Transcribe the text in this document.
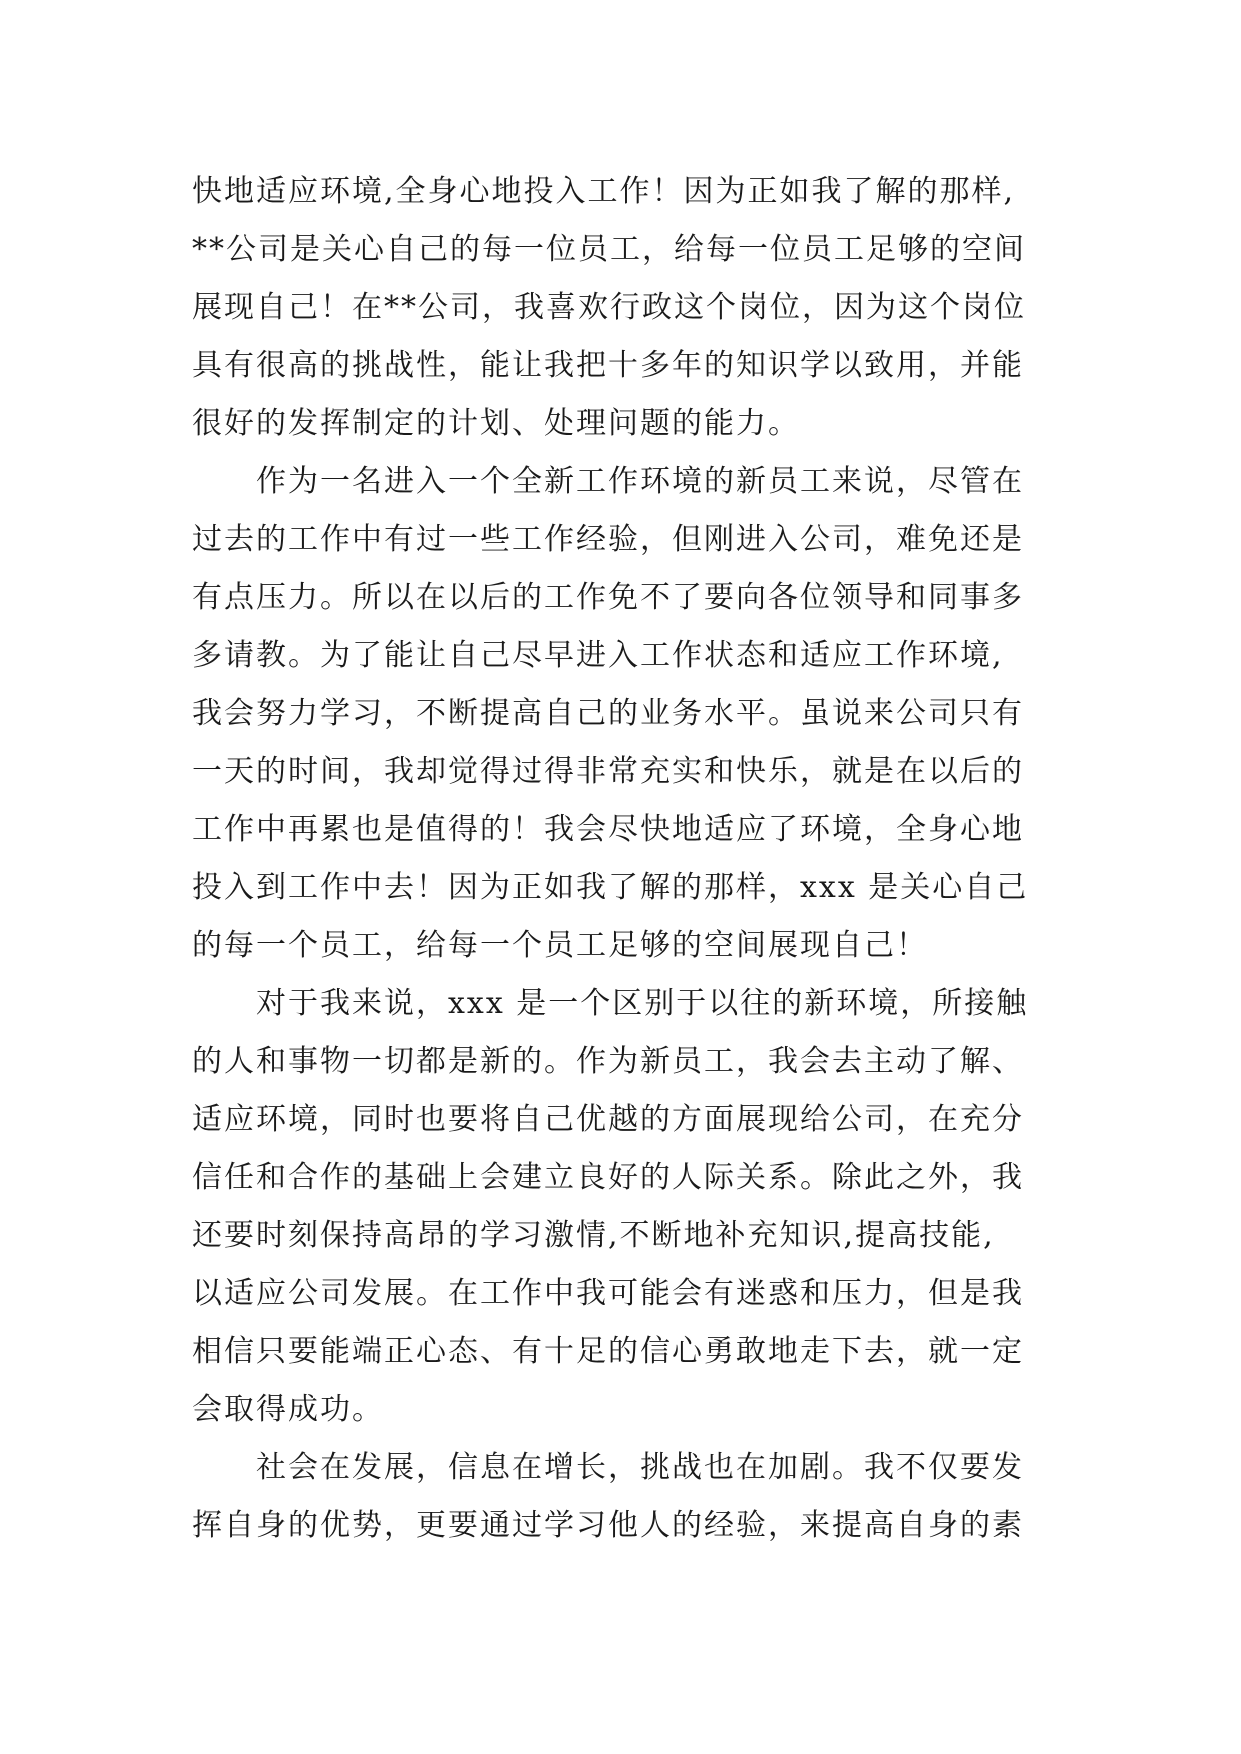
快地适应环境,全身心地投入工作！因为正如我了解的那样,
**公司是关心自己的每一位员工，给每一位员工足够的空间
展现自己！在**公司，我喜欢行政这个岗位，因为这个岗位
具有很高的挑战性，能让我把十多年的知识学以致用，并能
很好的发挥制定的计划、处理问题的能力。
作为一名进入一个全新工作环境的新员工来说，尽管在
过去的工作中有过一些工作经验，但刚进入公司，难免还是
有点压力。所以在以后的工作免不了要向各位领导和同事多
多请教。为了能让自己尽早进入工作状态和适应工作环境,
我会努力学习，不断提高自己的业务水平。虽说来公司只有
一天的时间，我却觉得过得非常充实和快乐，就是在以后的
工作中再累也是值得的！我会尽快地适应了环境，全身心地
投入到工作中去！因为正如我了解的那样，xxx 是关心自己
的每一个员工，给每一个员工足够的空间展现自己！
对于我来说，xxx 是一个区别于以往的新环境，所接触
的人和事物一切都是新的。作为新员工，我会去主动了解、
适应环境，同时也要将自己优越的方面展现给公司，在充分
信任和合作的基础上会建立良好的人际关系。除此之外，我
还要时刻保持高昂的学习激情,不断地补充知识,提高技能,
以适应公司发展。在工作中我可能会有迷惑和压力，但是我
相信只要能端正心态、有十足的信心勇敢地走下去，就一定
会取得成功。
社会在发展，信息在增长，挑战也在加剧。我不仅要发
挥自身的优势，更要通过学习他人的经验，来提高自身的素
